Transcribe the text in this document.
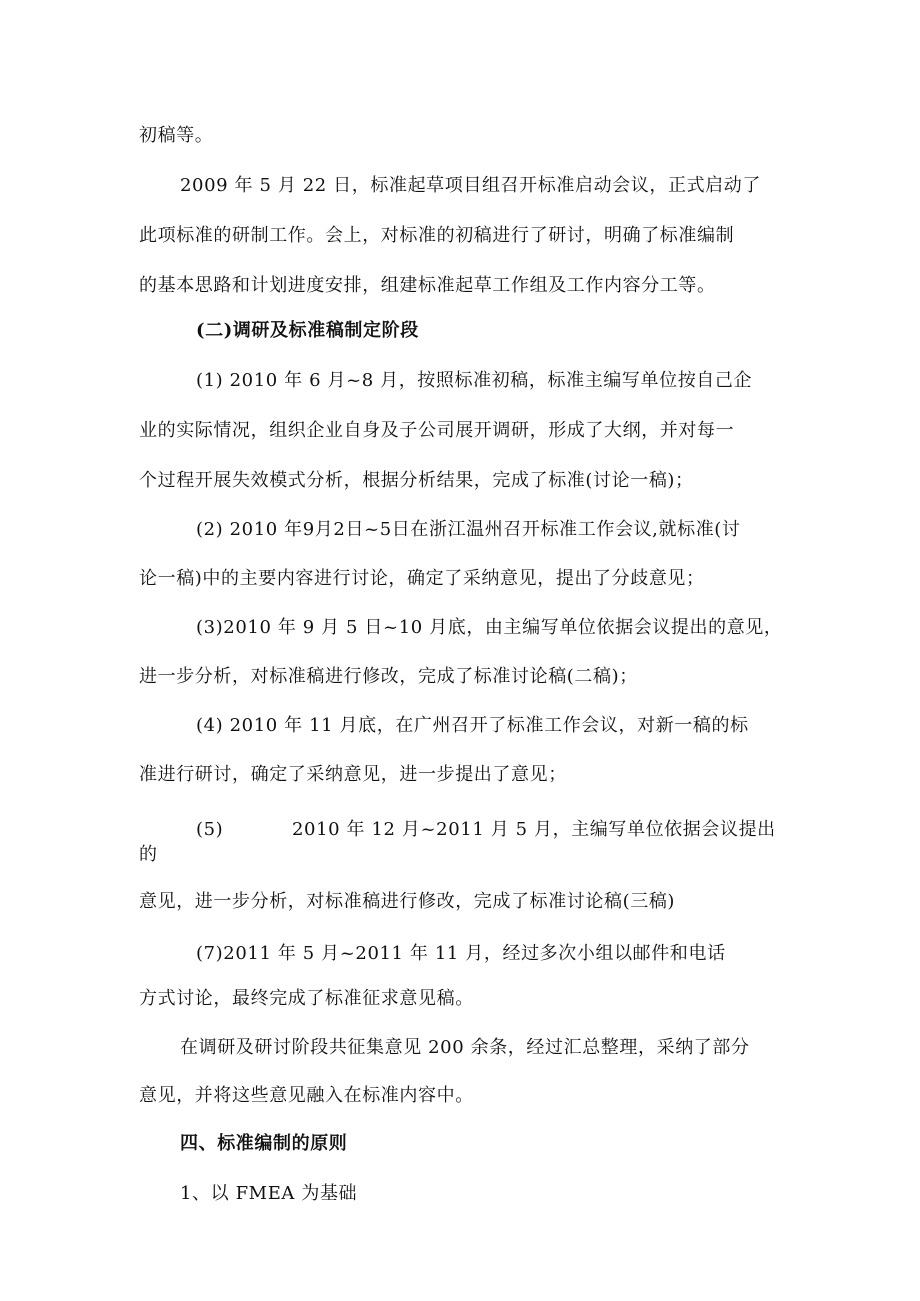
初稿等。
2009 年 5 月 22 日，标准起草项目组召开标准启动会议，正式启动了
此项标准的研制工作。会上，对标准的初稿进行了研讨，明确了标准编制
的基本思路和计划进度安排，组建标准起草工作组及工作内容分工等。
(二)调研及标准稿制定阶段
(1) 2010 年 6 月~8 月，按照标准初稿，标准主编写单位按自己企
业的实际情况，组织企业自身及子公司展开调研，形成了大纲，并对每一
个过程开展失效模式分析，根据分析结果，完成了标准(讨论一稿)；
(2) 2010 年9月2日~5日在浙江温州召开标准工作会议,就标准(讨
论一稿)中的主要内容进行讨论，确定了采纳意见，提出了分歧意见；
(3)2010 年 9 月 5 日~10 月底，由主编写单位依据会议提出的意见，
进一步分析，对标准稿进行修改，完成了标准讨论稿(二稿)；
(4) 2010 年 11 月底，在广州召开了标准工作会议，对新一稿的标
准进行研讨，确定了采纳意见，进一步提出了意见；
(5)	2010 年 12 月~2011 月 5 月，主编写单位依据会议提出
的
意见，进一步分析，对标准稿进行修改，完成了标准讨论稿(三稿)
(7)2011 年 5 月~2011 年 11 月，经过多次小组以邮件和电话
方式讨论，最终完成了标准征求意见稿。
在调研及研讨阶段共征集意见 200 余条，经过汇总整理，采纳了部分
意见，并将这些意见融入在标准内容中。
四、标准编制的原则
1、以 FMEA 为基础
